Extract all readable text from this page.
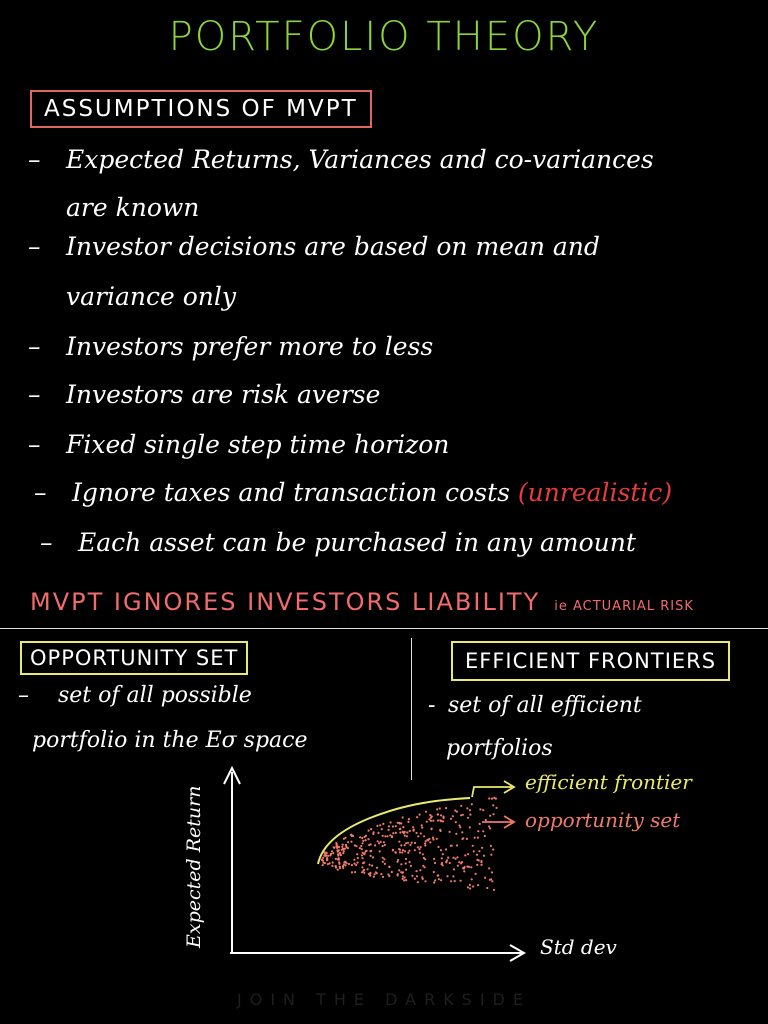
PORTFOLIO THEORY
ASSUMPTIONS OF MVPT
– Expected Returns, Variances and co-variances
are known
– Investor decisions are based on mean and
variance only
– Investors prefer more to less
– Investors are risk averse
– Fixed single step time horizon
– Ignore taxes and transaction costs (unrealistic)
– Each asset can be purchased in any amount
MVPT IGNORES INVESTORS LIABILITY ie ACTUARIAL RISK
OPPORTUNITY SET
– set of all possible
portfolio in the Eσ space
EFFICIENT FRONTIERS
- set of all efficient
portfolios
Expected Return	Std dev
efficient frontier
opportunity set
JOIN THE DARKSIDE
